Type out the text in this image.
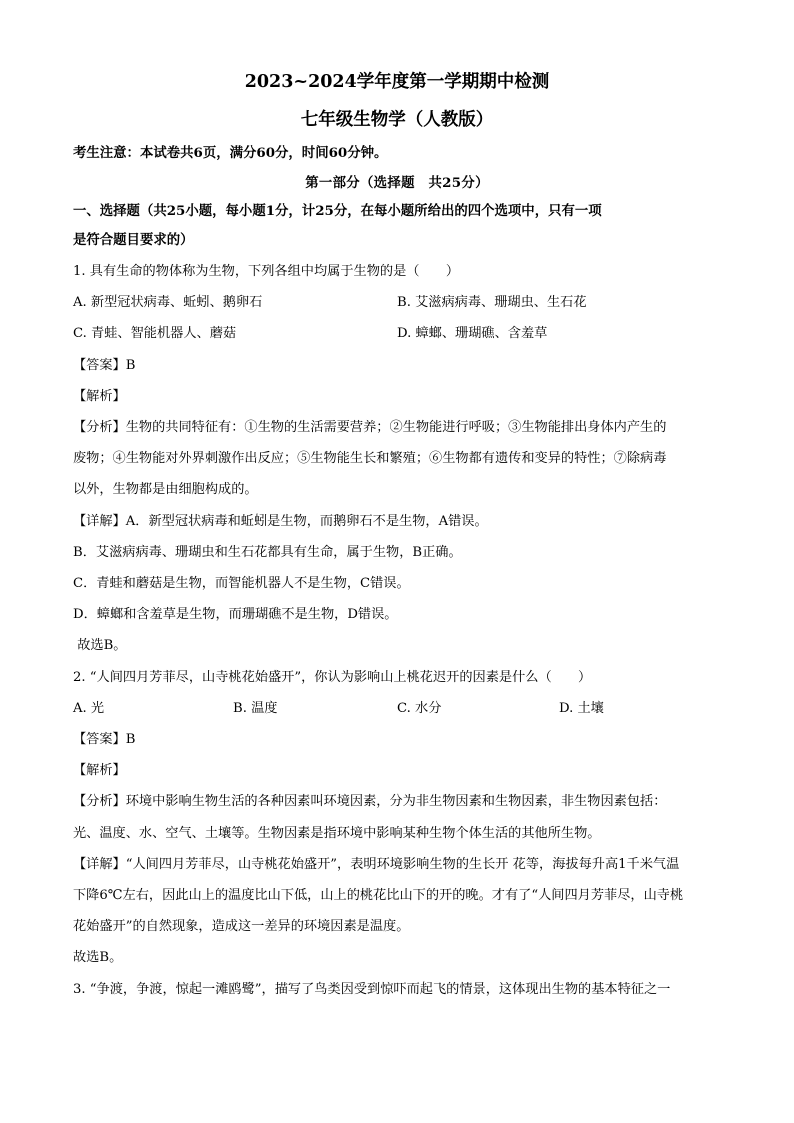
2023~2024学年度第一学期期中检测
七年级生物学（人教版）
考生注意：本试卷共6页，满分60分，时间60分钟。
第一部分（选择题　共25分）
一、选择题（共25小题，每小题1分，计25分，在每小题所给出的四个选项中，只有一项
是符合题目要求的）
1. 具有生命的物体称为生物，下列各组中均属于生物的是（　　）
A. 新型冠状病毒、蚯蚓、鹅卵石	B. 艾滋病病毒、珊瑚虫、生石花
C. 青蛙、智能机器人、蘑菇	D. 蟑螂、珊瑚礁、含羞草
【答案】B
【解析】
【分析】生物的共同特征有：①生物的生活需要营养；②生物能进行呼吸；③生物能排出身体内产生的
废物；④生物能对外界刺激作出反应；⑤生物能生长和繁殖；⑥生物都有遗传和变异的特性；⑦除病毒
以外，生物都是由细胞构成的。
【详解】A．新型冠状病毒和蚯蚓是生物，而鹅卵石不是生物，A错误。
B．艾滋病病毒、珊瑚虫和生石花都具有生命，属于生物，B正确。
C．青蛙和蘑菇是生物，而智能机器人不是生物，C错误。
D．蟑螂和含羞草是生物，而珊瑚礁不是生物，D错误。
故选B。
2. “人间四月芳菲尽，山寺桃花始盛开”，你认为影响山上桃花迟开的因素是什么（　　）
A. 光	B. 温度	C. 水分	D. 土壤
【答案】B
【解析】
【分析】环境中影响生物生活的各种因素叫环境因素，分为非生物因素和生物因素，非生物因素包括：
光、温度、水、空气、土壤等。生物因素是指环境中影响某种生物个体生活的其他所生物。
【详解】“人间四月芳菲尽，山寺桃花始盛开”，表明环境影响生物的生长开 花等，海拔每升高1千米气温
下降6℃左右，因此山上的温度比山下低，山上的桃花比山下的开的晚。才有了“人间四月芳菲尽，山寺桃
花始盛开”的自然现象，造成这一差异的环境因素是温度。
故选B。
3. “争渡，争渡，惊起一滩鸥鹭”，描写了鸟类因受到惊吓而起飞的情景，这体现出生物的基本特征之一
